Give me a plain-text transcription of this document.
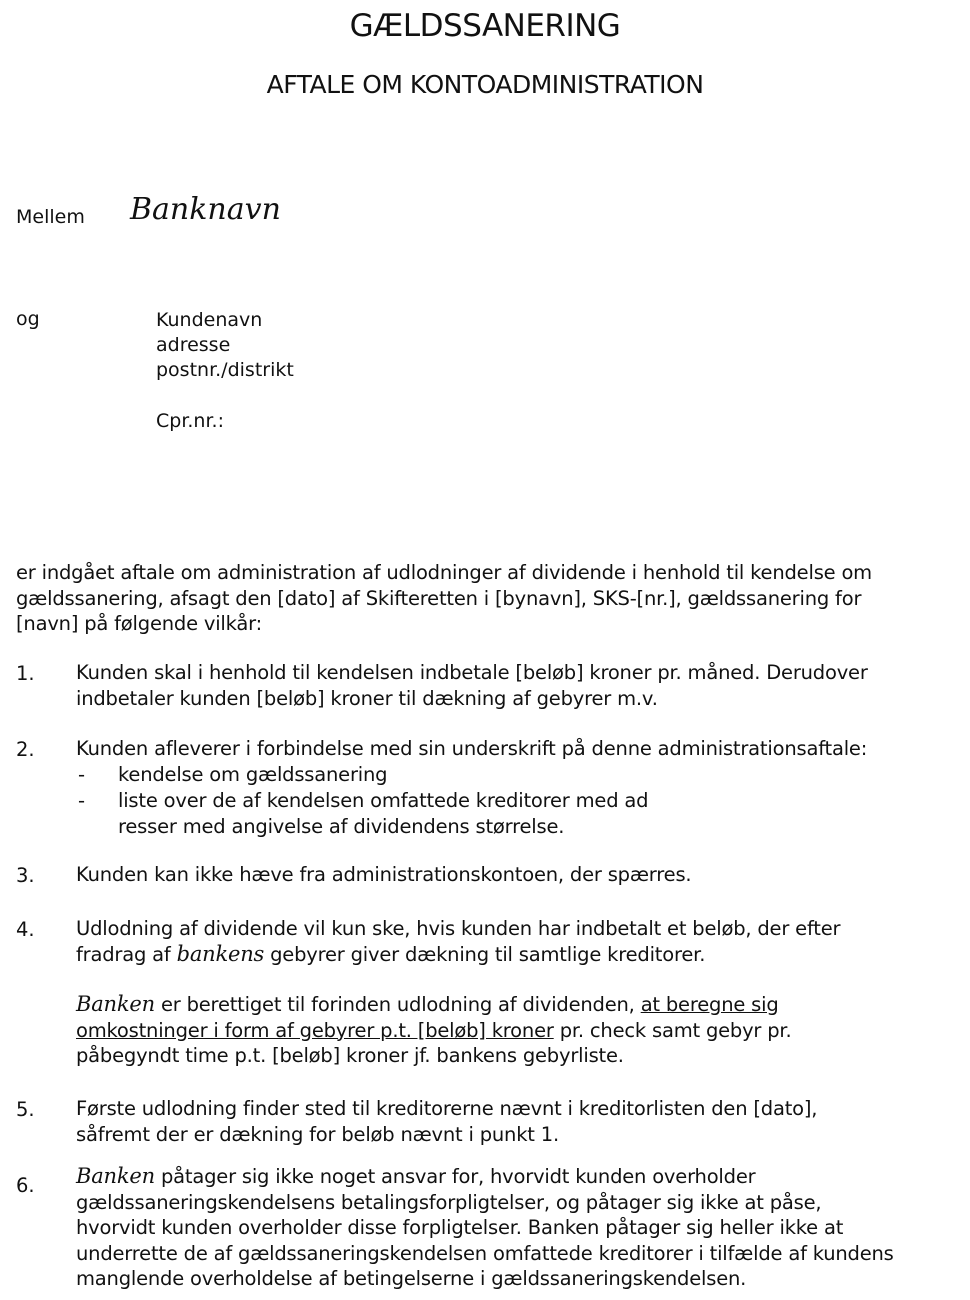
GÆLDSSANERING
AFTALE OM KONTOADMINISTRATION
Mellem Banknavn
og	Kundenavn
adresse
postnr./distrikt
Cpr.nr.:
er indgået aftale om administration af udlodninger af dividende i henhold til kendelse om
gældssanering, afsagt den [dato] af Skifteretten i [bynavn], SKS-[nr.], gældssanering for
[navn] på følgende vilkår:
1. Kunden skal i henhold til kendelsen indbetale [beløb] kroner pr. måned. Derudover
indbetaler kunden [beløb] kroner til dækning af gebyrer m.v.
2. Kunden afleverer i forbindelse med sin underskrift på denne administrationsaftale:
- kendelse om gældssanering
- liste over de af kendelsen omfattede kreditorer med ad
resser med angivelse af dividendens størrelse.
3. Kunden kan ikke hæve fra administrationskontoen, der spærres.
4. Udlodning af dividende vil kun ske, hvis kunden har indbetalt et beløb, der efter
fradrag af bankens gebyrer giver dækning til samtlige kreditorer.
Banken er berettiget til forinden udlodning af dividenden, at beregne sig
omkostninger i form af gebyrer p.t. [beløb] kroner pr. check samt gebyr pr.
påbegyndt time p.t. [beløb] kroner jf. bankens gebyrliste.
5. Første udlodning finder sted til kreditorerne nævnt i kreditorlisten den [dato],
såfremt der er dækning for beløb nævnt i punkt 1.
6. Banken påtager sig ikke noget ansvar for, hvorvidt kunden overholder
gældssaneringskendelsens betalingsforpligtelser, og påtager sig ikke at påse,
hvorvidt kunden overholder disse forpligtelser. Banken påtager sig heller ikke at
underrette de af gældssaneringskendelsen omfattede kreditorer i tilfælde af kundens
manglende overholdelse af betingelserne i gældssaneringskendelsen.
